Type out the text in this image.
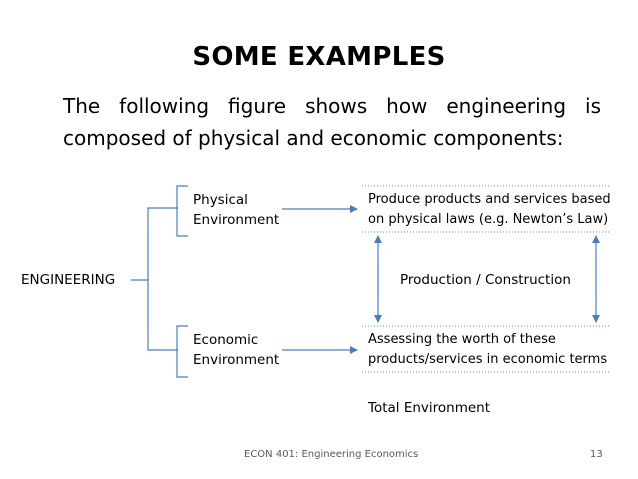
SOME EXAMPLES
The following figure shows how engineering is composed of physical and economic components:
ENGINEERING
Physical
Environment
Economic
Environment
Produce products and services based
on physical laws (e.g. Newton’s Law)
Assessing the worth of these
products/services in economic terms
Production / Construction
Total Environment
ECON 401: Engineering Economics	13
